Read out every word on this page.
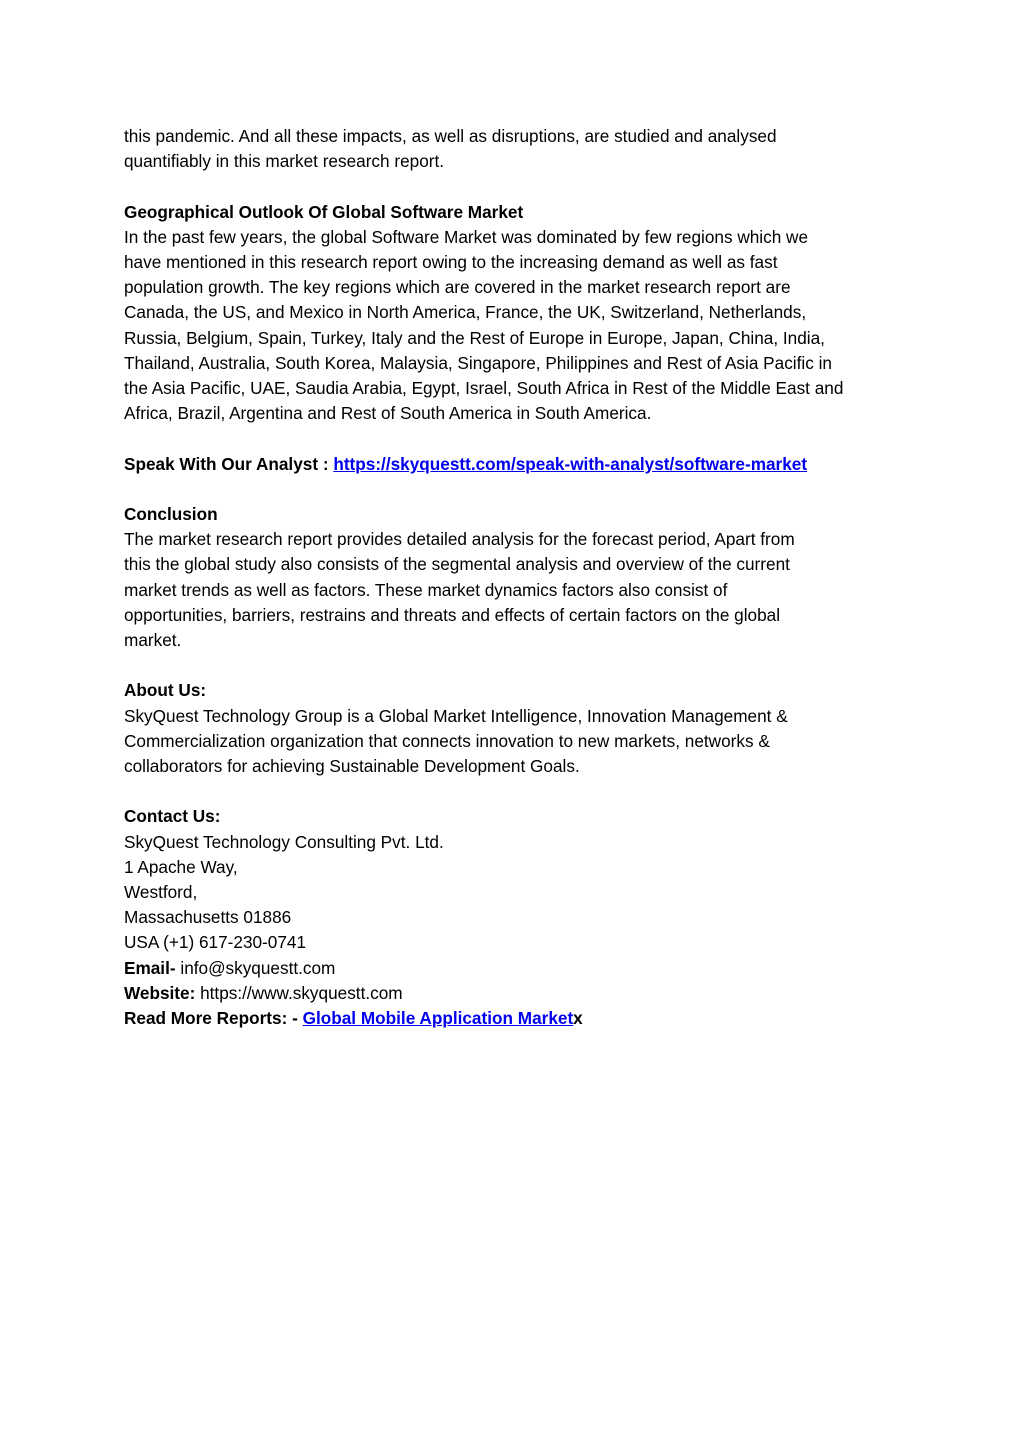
this pandemic. And all these impacts, as well as disruptions, are studied and analysed
quantifiably in this market research report.

Geographical Outlook Of Global Software Market

In the past few years, the global Software Market was dominated by few regions which we
have mentioned in this research report owing to the increasing demand as well as fast
population growth. The key regions which are covered in the market research report are
Canada, the US, and Mexico in North America, France, the UK, Switzerland, Netherlands,
Russia, Belgium, Spain, Turkey, Italy and the Rest of Europe in Europe, Japan, China, India,
Thailand, Australia, South Korea, Malaysia, Singapore, Philippines and Rest of Asia Pacific in
the Asia Pacific, UAE, Saudia Arabia, Egypt, Israel, South Africa in Rest of the Middle East and
Africa, Brazil, Argentina and Rest of South America in South America.

Speak With Our Analyst : https://skyquestt.com/speak-with-analyst/software-market

Conclusion

The market research report provides detailed analysis for the forecast period, Apart from
this the global study also consists of the segmental analysis and overview of the current
market trends as well as factors. These market dynamics factors also consist of
opportunities, barriers, restrains and threats and effects of certain factors on the global
market.

About Us:

SkyQuest Technology Group is a Global Market Intelligence, Innovation Management &
Commercialization organization that connects innovation to new markets, networks &
collaborators for achieving Sustainable Development Goals.

Contact Us:

SkyQuest Technology Consulting Pvt. Ltd.

1 Apache Way,

Westford,

Massachusetts 01886

USA (+1) 617-230-0741

Email- info@skyquestt.com

Website: https://www.skyquestt.com

Read More Reports: - Global Mobile Application Marketx
